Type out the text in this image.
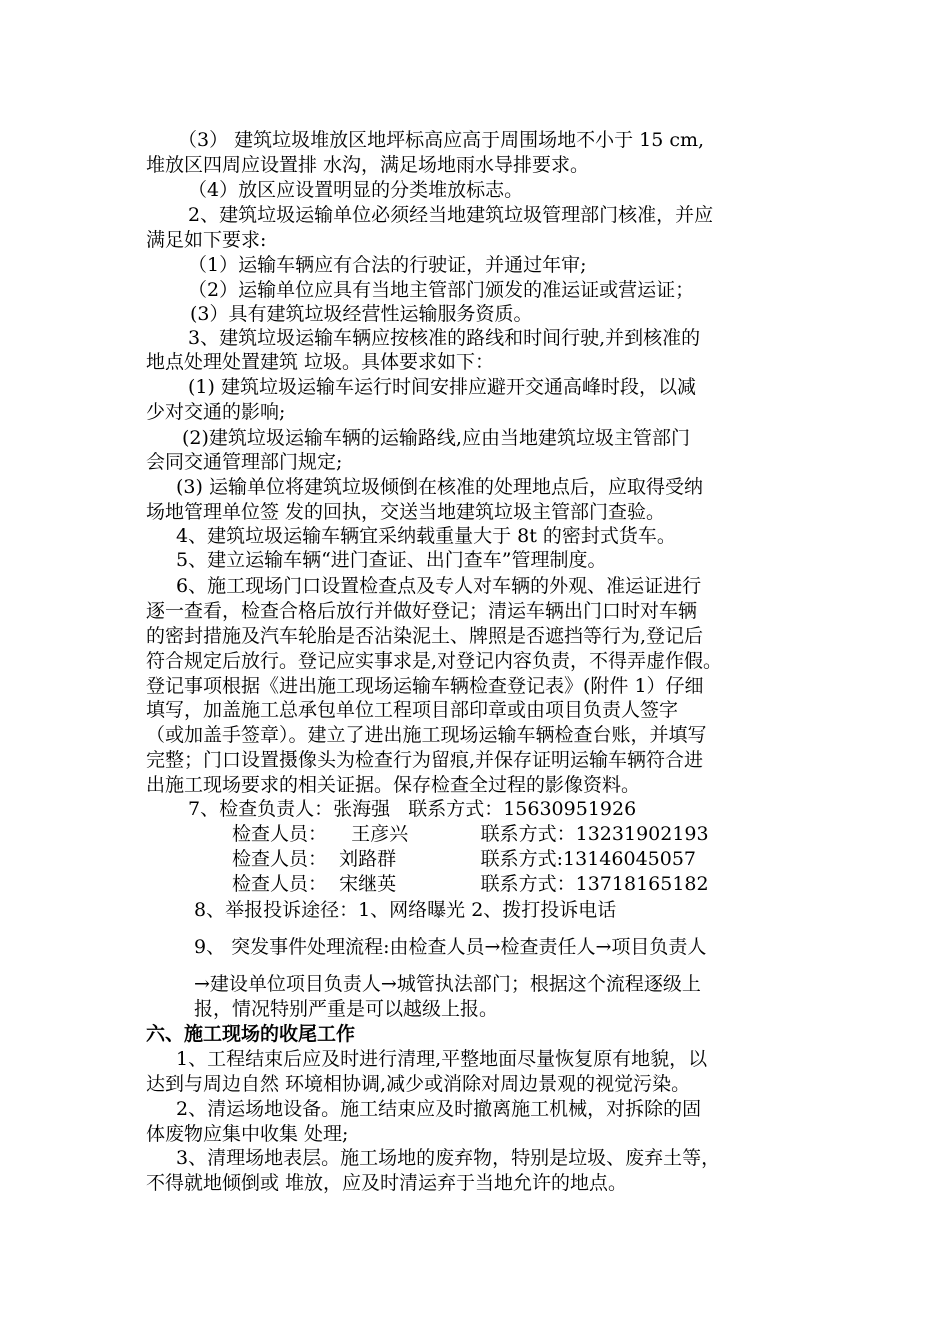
（3） 建筑垃圾堆放区地坪标高应高于周围场地不小于 15 cm,

堆放区四周应设置排 水沟，满足场地雨水导排要求。

（4）放区应设置明显的分类堆放标志。

2、建筑垃圾运输单位必须经当地建筑垃圾管理部门核准，并应

满足如下要求:

（1）运输车辆应有合法的行驶证，并通过年审;

（2）运输单位应具有当地主管部门颁发的准运证或营运证；

(3）具有建筑垃圾经营性运输服务资质。

3、建筑垃圾运输车辆应按核准的路线和时间行驶,并到核准的

地点处理处置建筑 垃圾。具体要求如下：

(1) 建筑垃圾运输车运行时间安排应避开交通高峰时段，以减

少对交通的影响;

(2)建筑垃圾运输车辆的运输路线,应由当地建筑垃圾主管部门

会同交通管理部门规定;

(3) 运输单位将建筑垃圾倾倒在核准的处理地点后，应取得受纳

场地管理单位签 发的回执，交送当地建筑垃圾主管部门查验。

4、建筑垃圾运输车辆宜采纳载重量大于 8t 的密封式货车。

5、建立运输车辆“进门查证、出门查车”管理制度。

6、施工现场门口设置检查点及专人对车辆的外观、准运证进行

逐一查看，检查合格后放行并做好登记；清运车辆出门口时对车辆

的密封措施及汽车轮胎是否沾染泥土、牌照是否遮挡等行为,登记后

符合规定后放行。登记应实事求是,对登记内容负责，不得弄虚作假。

登记事项根据《进出施工现场运输车辆检查登记表》(附件 1）仔细

填写，加盖施工总承包单位工程项目部印章或由项目负责人签字

（或加盖手签章）。建立了进出施工现场运输车辆检查台账，并填写

完整；门口设置摄像头为检查行为留痕,并保存证明运输车辆符合进

出施工现场要求的相关证据。保存检查全过程的影像资料。

7、检查负责人：张海强   联系方式：15630951926

检查人员：    王彦兴            联系方式：13231902193

检查人员：  刘路群              联系方式:13146045057

检查人员：  宋继英              联系方式：13718165182

8、举报投诉途径：1、网络曝光 2、拨打投诉电话

9、 突发事件处理流程:由检查人员→检查责任人→项目负责人

→建设单位项目负责人→城管执法部门；根据这个流程逐级上

报，情况特别严重是可以越级上报。

六、施工现场的收尾工作

1、工程结束后应及时进行清理,平整地面尽量恢复原有地貌，以

达到与周边自然 环境相协调,减少或消除对周边景观的视觉污染。

2、清运场地设备。施工结束应及时撤离施工机械，对拆除的固

体废物应集中收集 处理;

3、清理场地表层。施工场地的废弃物，特别是垃圾、废弃土等，

不得就地倾倒或 堆放，应及时清运弃于当地允许的地点。
